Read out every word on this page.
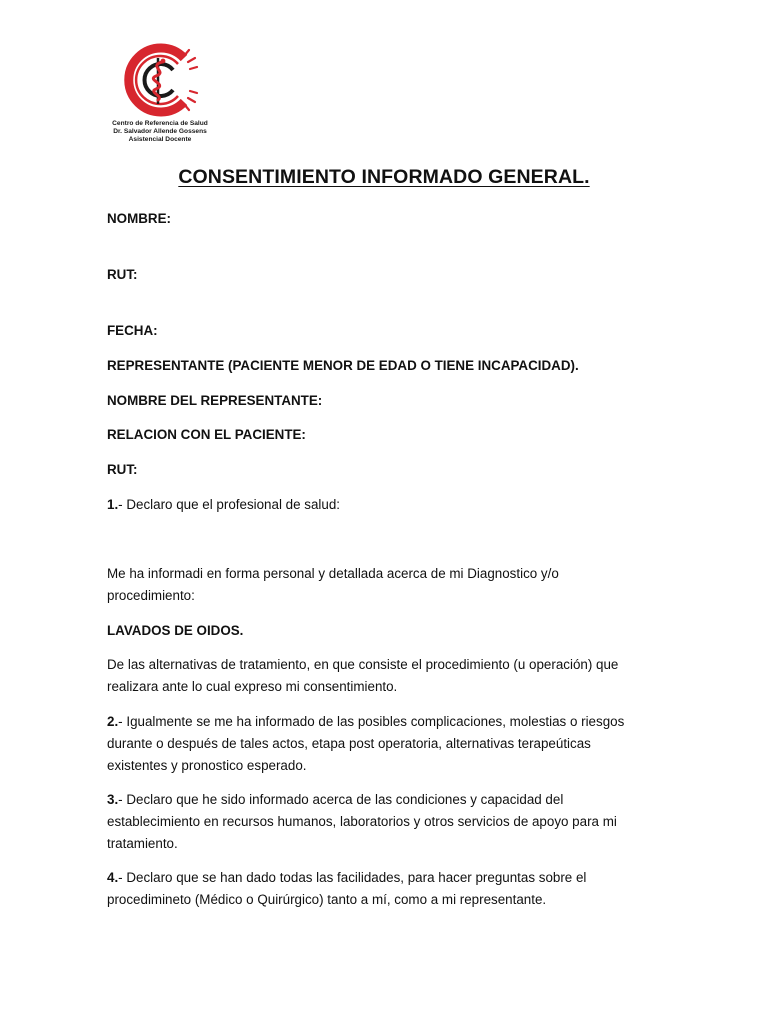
Centro de Referencia de Salud
Dr. Salvador Allende Gossens
Asistencial Docente
CONSENTIMIENTO INFORMADO GENERAL.
NOMBRE:
RUT:
FECHA:
REPRESENTANTE (PACIENTE MENOR DE EDAD O TIENE INCAPACIDAD).
NOMBRE DEL REPRESENTANTE:
RELACION CON EL PACIENTE:
RUT:
1.- Declaro que el profesional de salud:
Me ha informadi en forma personal y detallada acerca de mi Diagnostico y/o procedimiento:
LAVADOS DE OIDOS.
De las alternativas de tratamiento, en que consiste el procedimiento (u operación) que realizara ante lo cual expreso mi consentimiento.
2.- Igualmente se me ha informado de las posibles complicaciones, molestias o riesgos durante o después de tales actos, etapa post operatoria, alternativas terapeúticas existentes y pronostico esperado.
3.- Declaro que he sido informado acerca de las condiciones y capacidad del establecimiento en recursos humanos, laboratorios y otros servicios de apoyo para mi tratamiento.
4.- Declaro que se han dado todas las facilidades, para hacer preguntas sobre el procedimineto (Médico o Quirúrgico) tanto a mí, como a mi representante.
